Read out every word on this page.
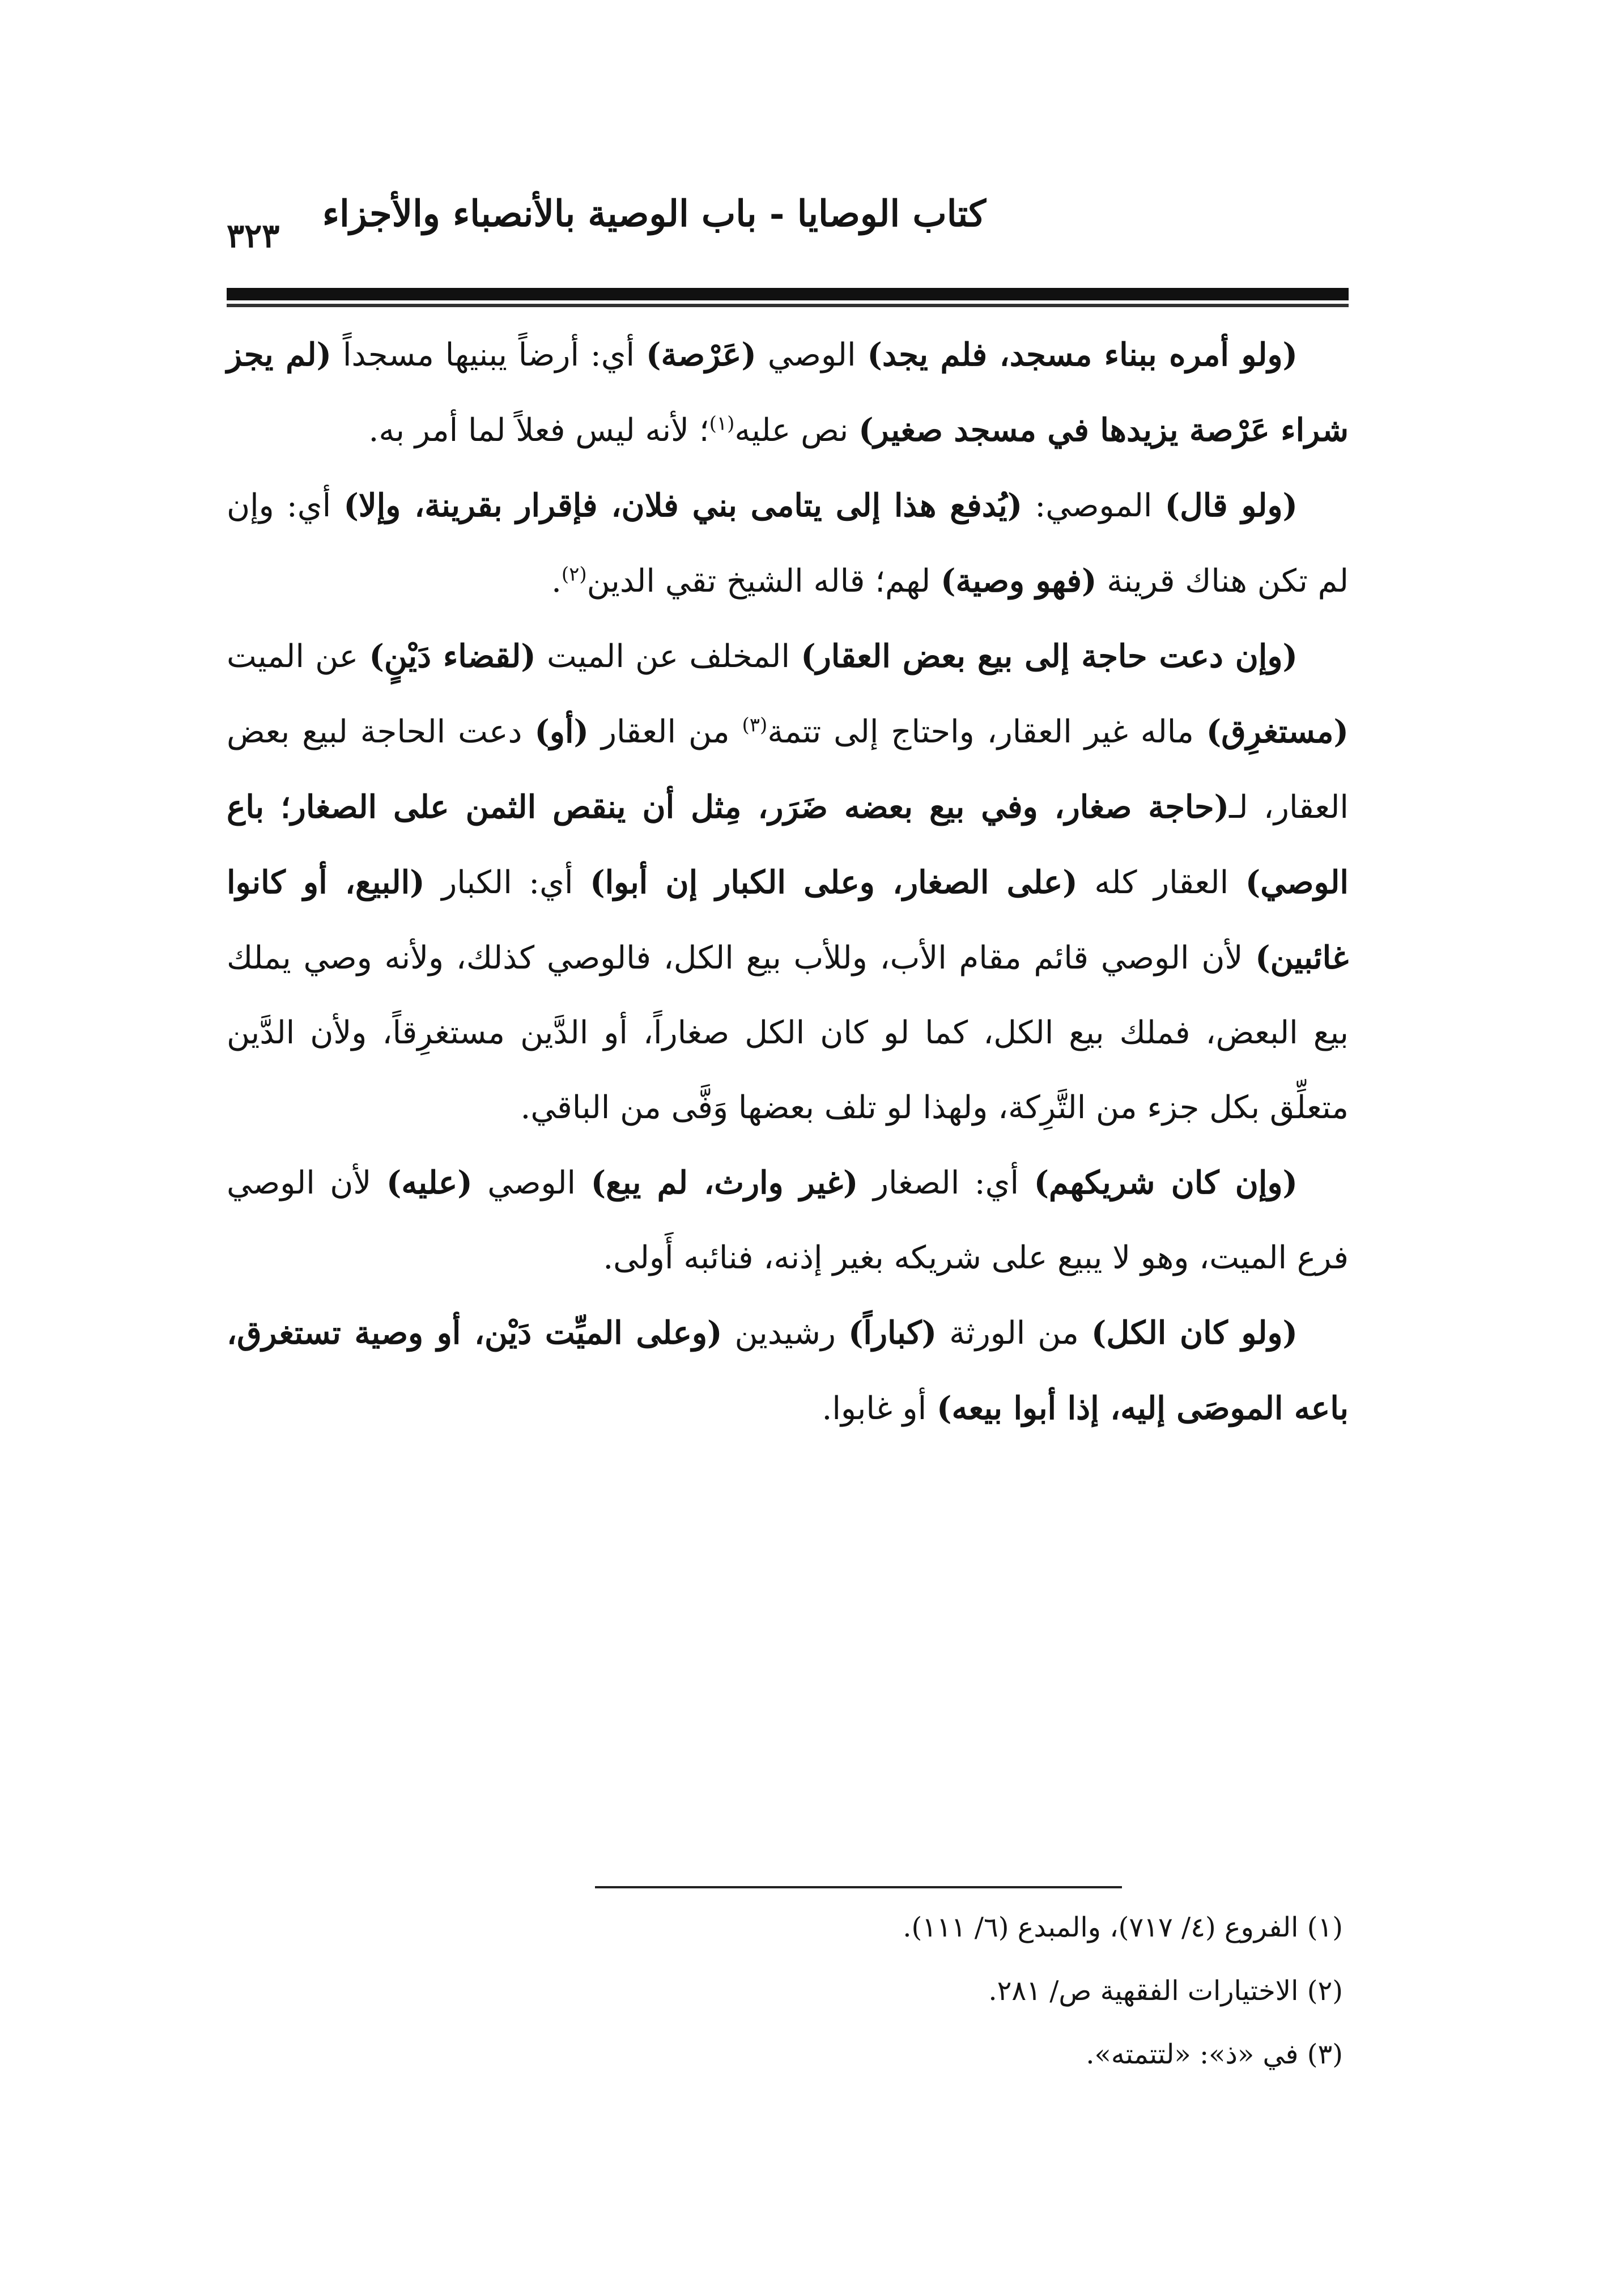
كتاب الوصايا - باب الوصية بالأنصباء والأجزاء
٣٢٣

(ولو أمره ببناء مسجد، فلم يجد) الوصي (عَرْصة) أي: أرضاً يبنيها مسجداً (لم يجز شراء عَرْصة يزيدها في مسجد صغير) نص عليه$^{(١)}$؛ لأنه ليس فعلاً لما أمر به.

(ولو قال) الموصي: (يُدفع هذا إلى يتامى بني فلان، فإقرار بقرينة، وإلا) أي: وإن لم تكن هناك قرينة (فهو وصية) لهم؛ قاله الشيخ تقي الدين$^{(٢)}$.

(وإن دعت حاجة إلى بيع بعض العقار) المخلف عن الميت (لقضاء دَيْنٍ) عن الميت (مستغرِق) ماله غير العقار، واحتاج إلى تتمة$^{(٣)}$ من العقار (أو) دعت الحاجة لبيع بعض العقار، لـ(حاجة صغار، وفي بيع بعضه ضَرَر، مِثل أن ينقص الثمن على الصغار؛ باع الوصي) العقار كله (على الصغار، وعلى الكبار إن أبوا) أي: الكبار (البيع، أو كانوا غائبين) لأن الوصي قائم مقام الأب، وللأب بيع الكل، فالوصي كذلك، ولأنه وصي يملك بيع البعض، فملك بيع الكل، كما لو كان الكل صغاراً، أو الدَّين مستغرِقاً، ولأن الدَّين متعلِّق بكل جزء من التَّرِكة، ولهذا لو تلف بعضها وَفَّى من الباقي.

(وإن كان شريكهم) أي: الصغار (غير وارث، لم يبع) الوصي (عليه) لأن الوصي فرع الميت، وهو لا يبيع على شريكه بغير إذنه، فنائبه أَولى.

(ولو كان الكل) من الورثة (كباراً) رشيدين (وعلى الميِّت دَيْن، أو وصية تستغرق، باعه الموصَى إليه، إذا أبوا بيعه) أو غابوا.

(١) الفروع (٤/ ٧١٧)، والمبدع (٦/ ١١١).

(٢) الاختيارات الفقهية ص/ ٢٨١.

(٣) في «ذ»: «لتتمته».
